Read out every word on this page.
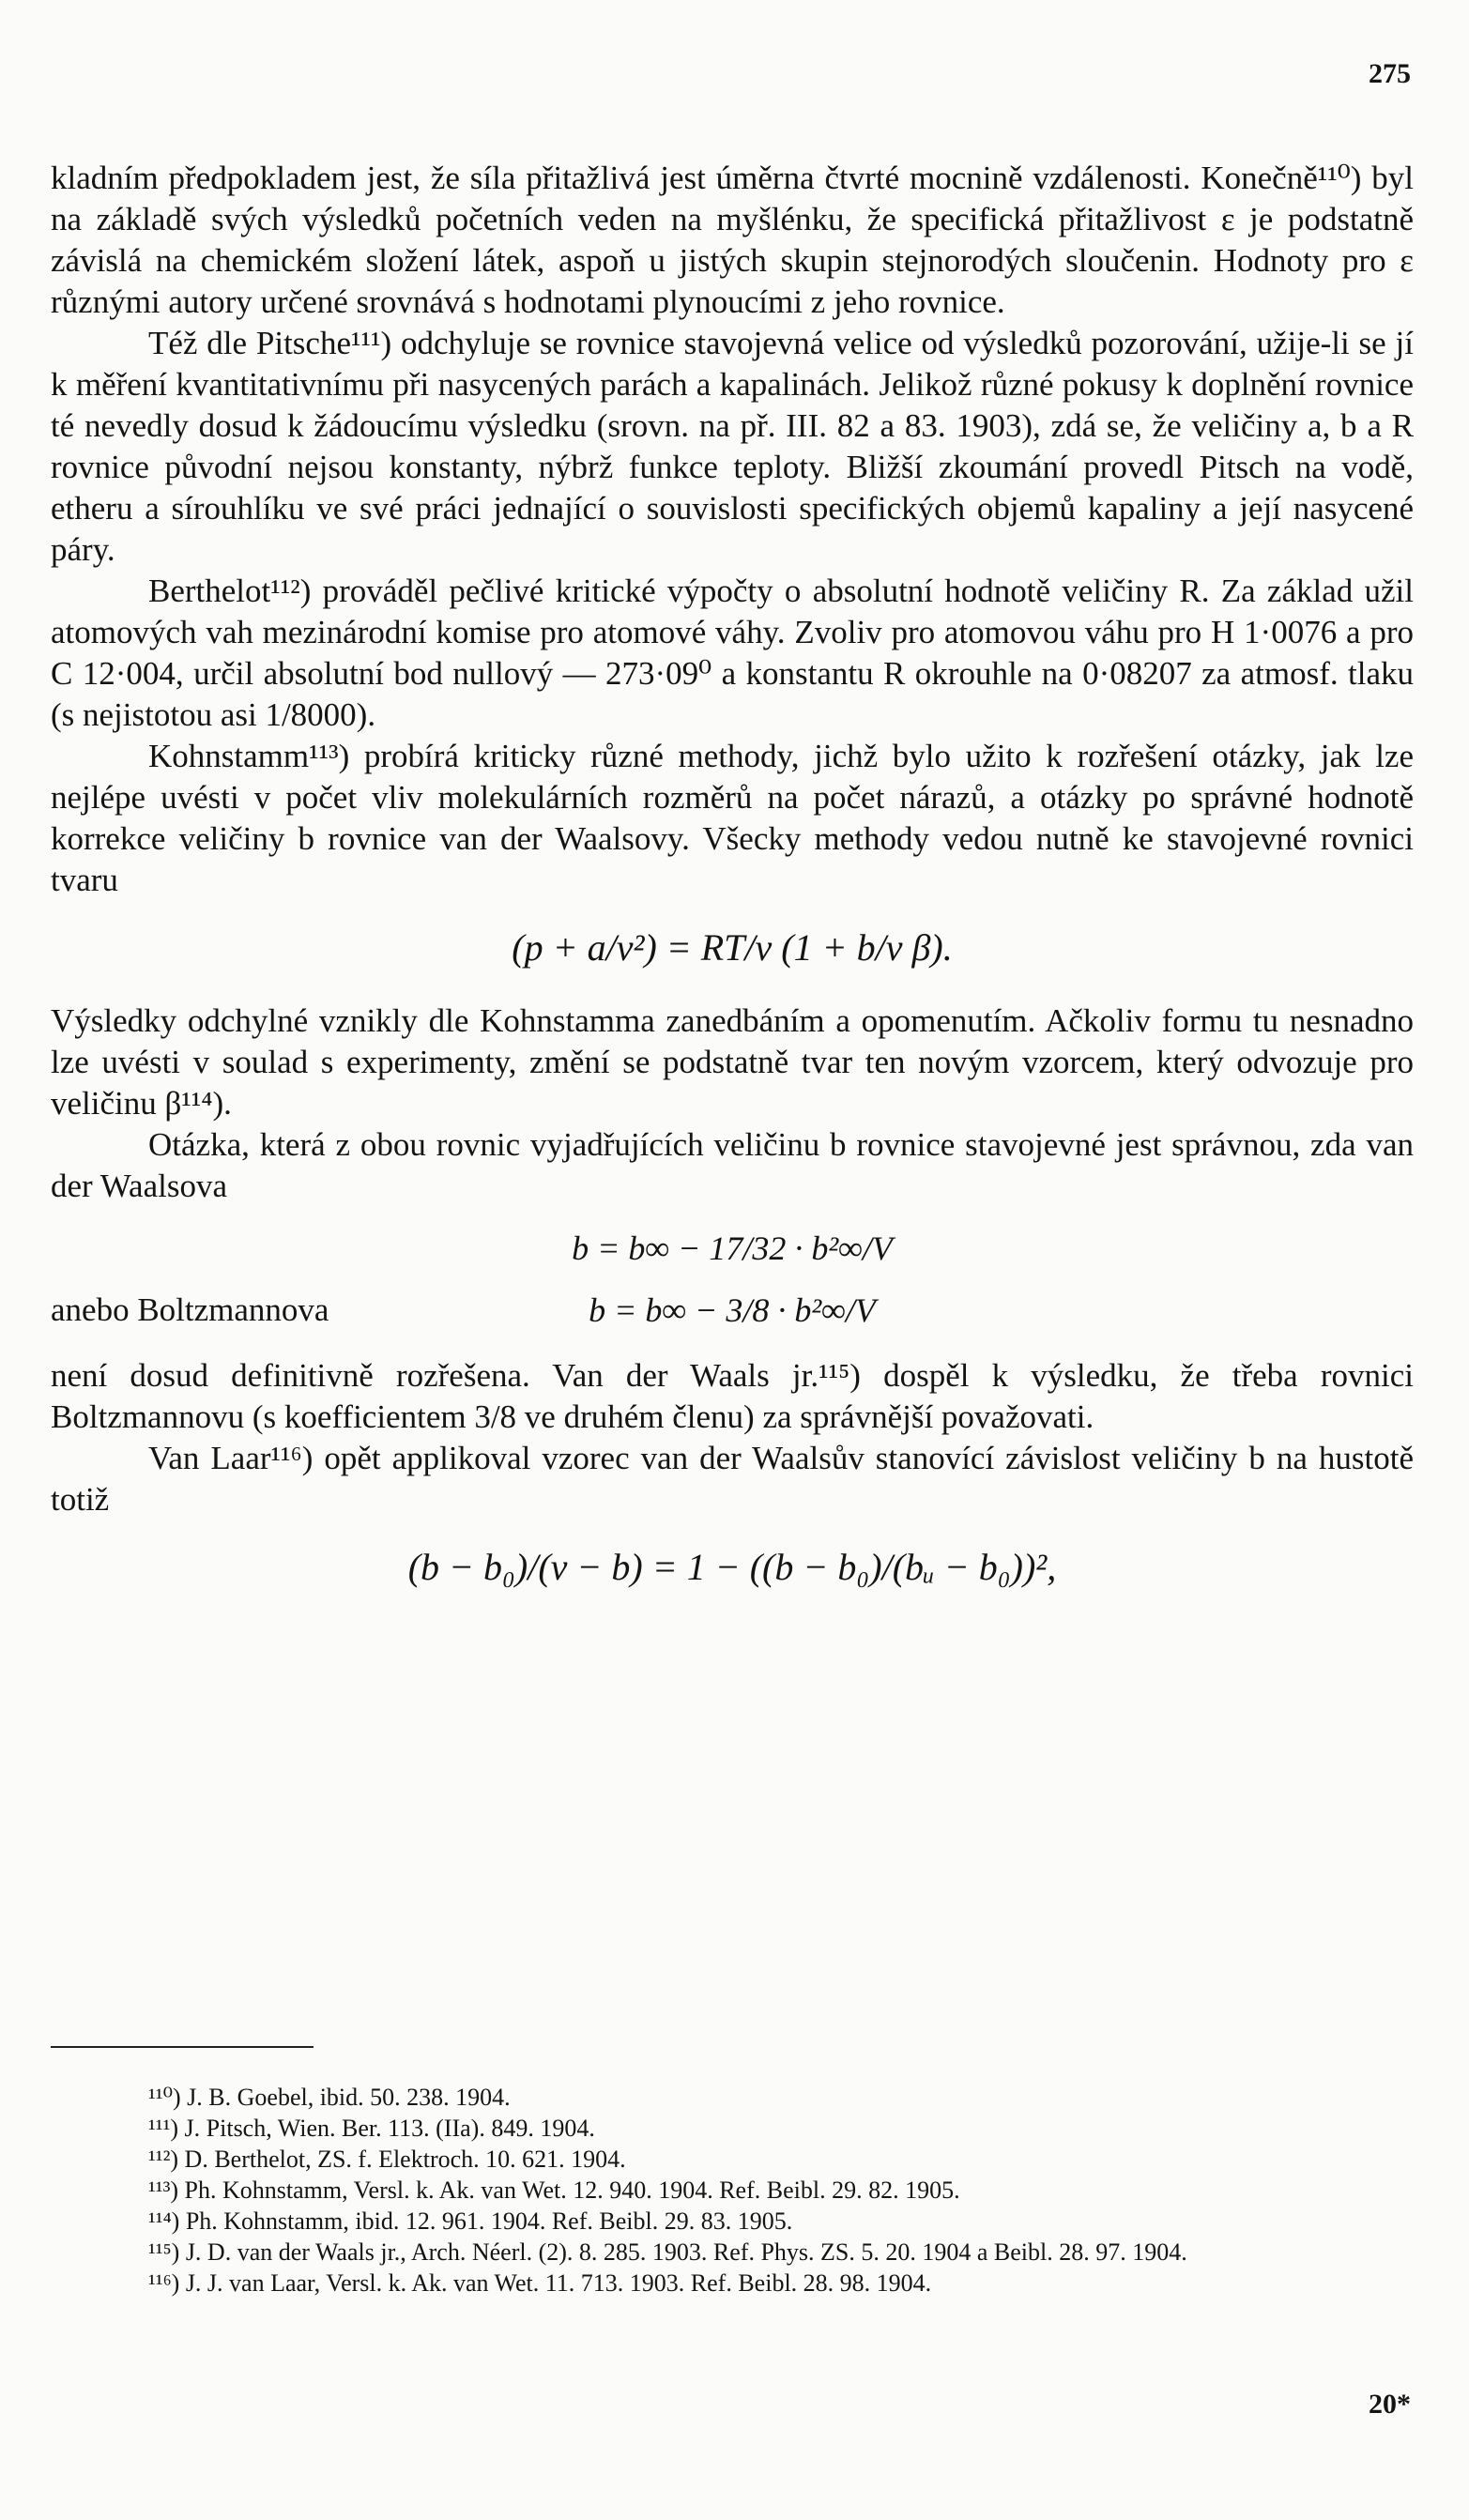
275

kladním předpokladem jest, že síla přitažlivá jest úměrna čtvrté mocnině vzdálenosti. Konečně¹¹⁰) byl na základě svých výsledků početních veden na myšlénku, že specifická přitažlivost ε je podstatně závislá na chemickém složení látek, aspoň u jistých skupin stejnorodých sloučenin. Hodnoty pro ε různými autory určené srovnává s hodnotami plynoucími z jeho rovnice.

Též dle Pitsche¹¹¹) odchyluje se rovnice stavojevná velice od výsledků pozorování, užije-li se jí k měření kvantitativnímu při nasycených parách a kapalinách. Jelikož různé pokusy k doplnění rovnice té nevedly dosud k žádoucímu výsledku (srovn. na př. III. 82 a 83. 1903), zdá se, že veličiny a, b a R rovnice původní nejsou konstanty, nýbrž funkce teploty. Bližší zkoumání provedl Pitsch na vodě, etheru a sírouhlíku ve své práci jednající o souvislosti specifických objemů kapaliny a její nasycené páry.

Berthelot¹¹²) prováděl pečlivé kritické výpočty o absolutní hodnotě veličiny R. Za základ užil atomových vah mezinárodní komise pro atomové váhy. Zvoliv pro atomovou váhu pro H 1·0076 a pro C 12·004, určil absolutní bod nullový — 273·09⁰ a konstantu R okrouhle na 0·08207 za atmosf. tlaku (s nejistotou asi 1/8000).

Kohnstamm¹¹³) probírá kriticky různé methody, jichž bylo užito k rozřešení otázky, jak lze nejlépe uvésti v počet vliv molekulárních rozměrů na počet nárazů, a otázky po správné hodnotě korrekce veličiny b rovnice van der Waalsovy. Všecky methody vedou nutně ke stavojevné rovnici tvaru

(p + a/v²) = RT/v (1 + b/v β).

Výsledky odchylné vznikly dle Kohnstamma zanedbáním a opomenutím. Ačkoliv formu tu nesnadno lze uvésti v soulad s experimenty, změní se podstatně tvar ten novým vzorcem, který odvozuje pro veličinu β¹¹⁴).

Otázka, která z obou rovnic vyjadřujících veličinu b rovnice stavojevné jest správnou, zda van der Waalsova

b = b∞ − 17/32 · b²∞/V
anebo Boltzmannova	b = b∞ − 3/8 · b²∞/V

není dosud definitivně rozřešena. Van der Waals jr.¹¹⁵) dospěl k výsledku, že třeba rovnici Boltzmannovu (s koefficientem 3/8 ve druhém členu) za správnější považovati.

Van Laar¹¹⁶) opět applikoval vzorec van der Waalsův stanovící závislost veličiny b na hustotě totiž

(b − b₀)/(v − b) = 1 − ((b − b₀)/(bᵤ − b₀))²,
¹¹⁰) J. B. Goebel, ibid. 50. 238. 1904.
¹¹¹) J. Pitsch, Wien. Ber. 113. (IIa). 849. 1904.
¹¹²) D. Berthelot, ZS. f. Elektroch. 10. 621. 1904.
¹¹³) Ph. Kohnstamm, Versl. k. Ak. van Wet. 12. 940. 1904. Ref. Beibl. 29. 82. 1905.
¹¹⁴) Ph. Kohnstamm, ibid. 12. 961. 1904. Ref. Beibl. 29. 83. 1905.
¹¹⁵) J. D. van der Waals jr., Arch. Néerl. (2). 8. 285. 1903. Ref. Phys. ZS. 5. 20. 1904 a Beibl. 28. 97. 1904.
¹¹⁶) J. J. van Laar, Versl. k. Ak. van Wet. 11. 713. 1903. Ref. Beibl. 28. 98. 1904.
20*
